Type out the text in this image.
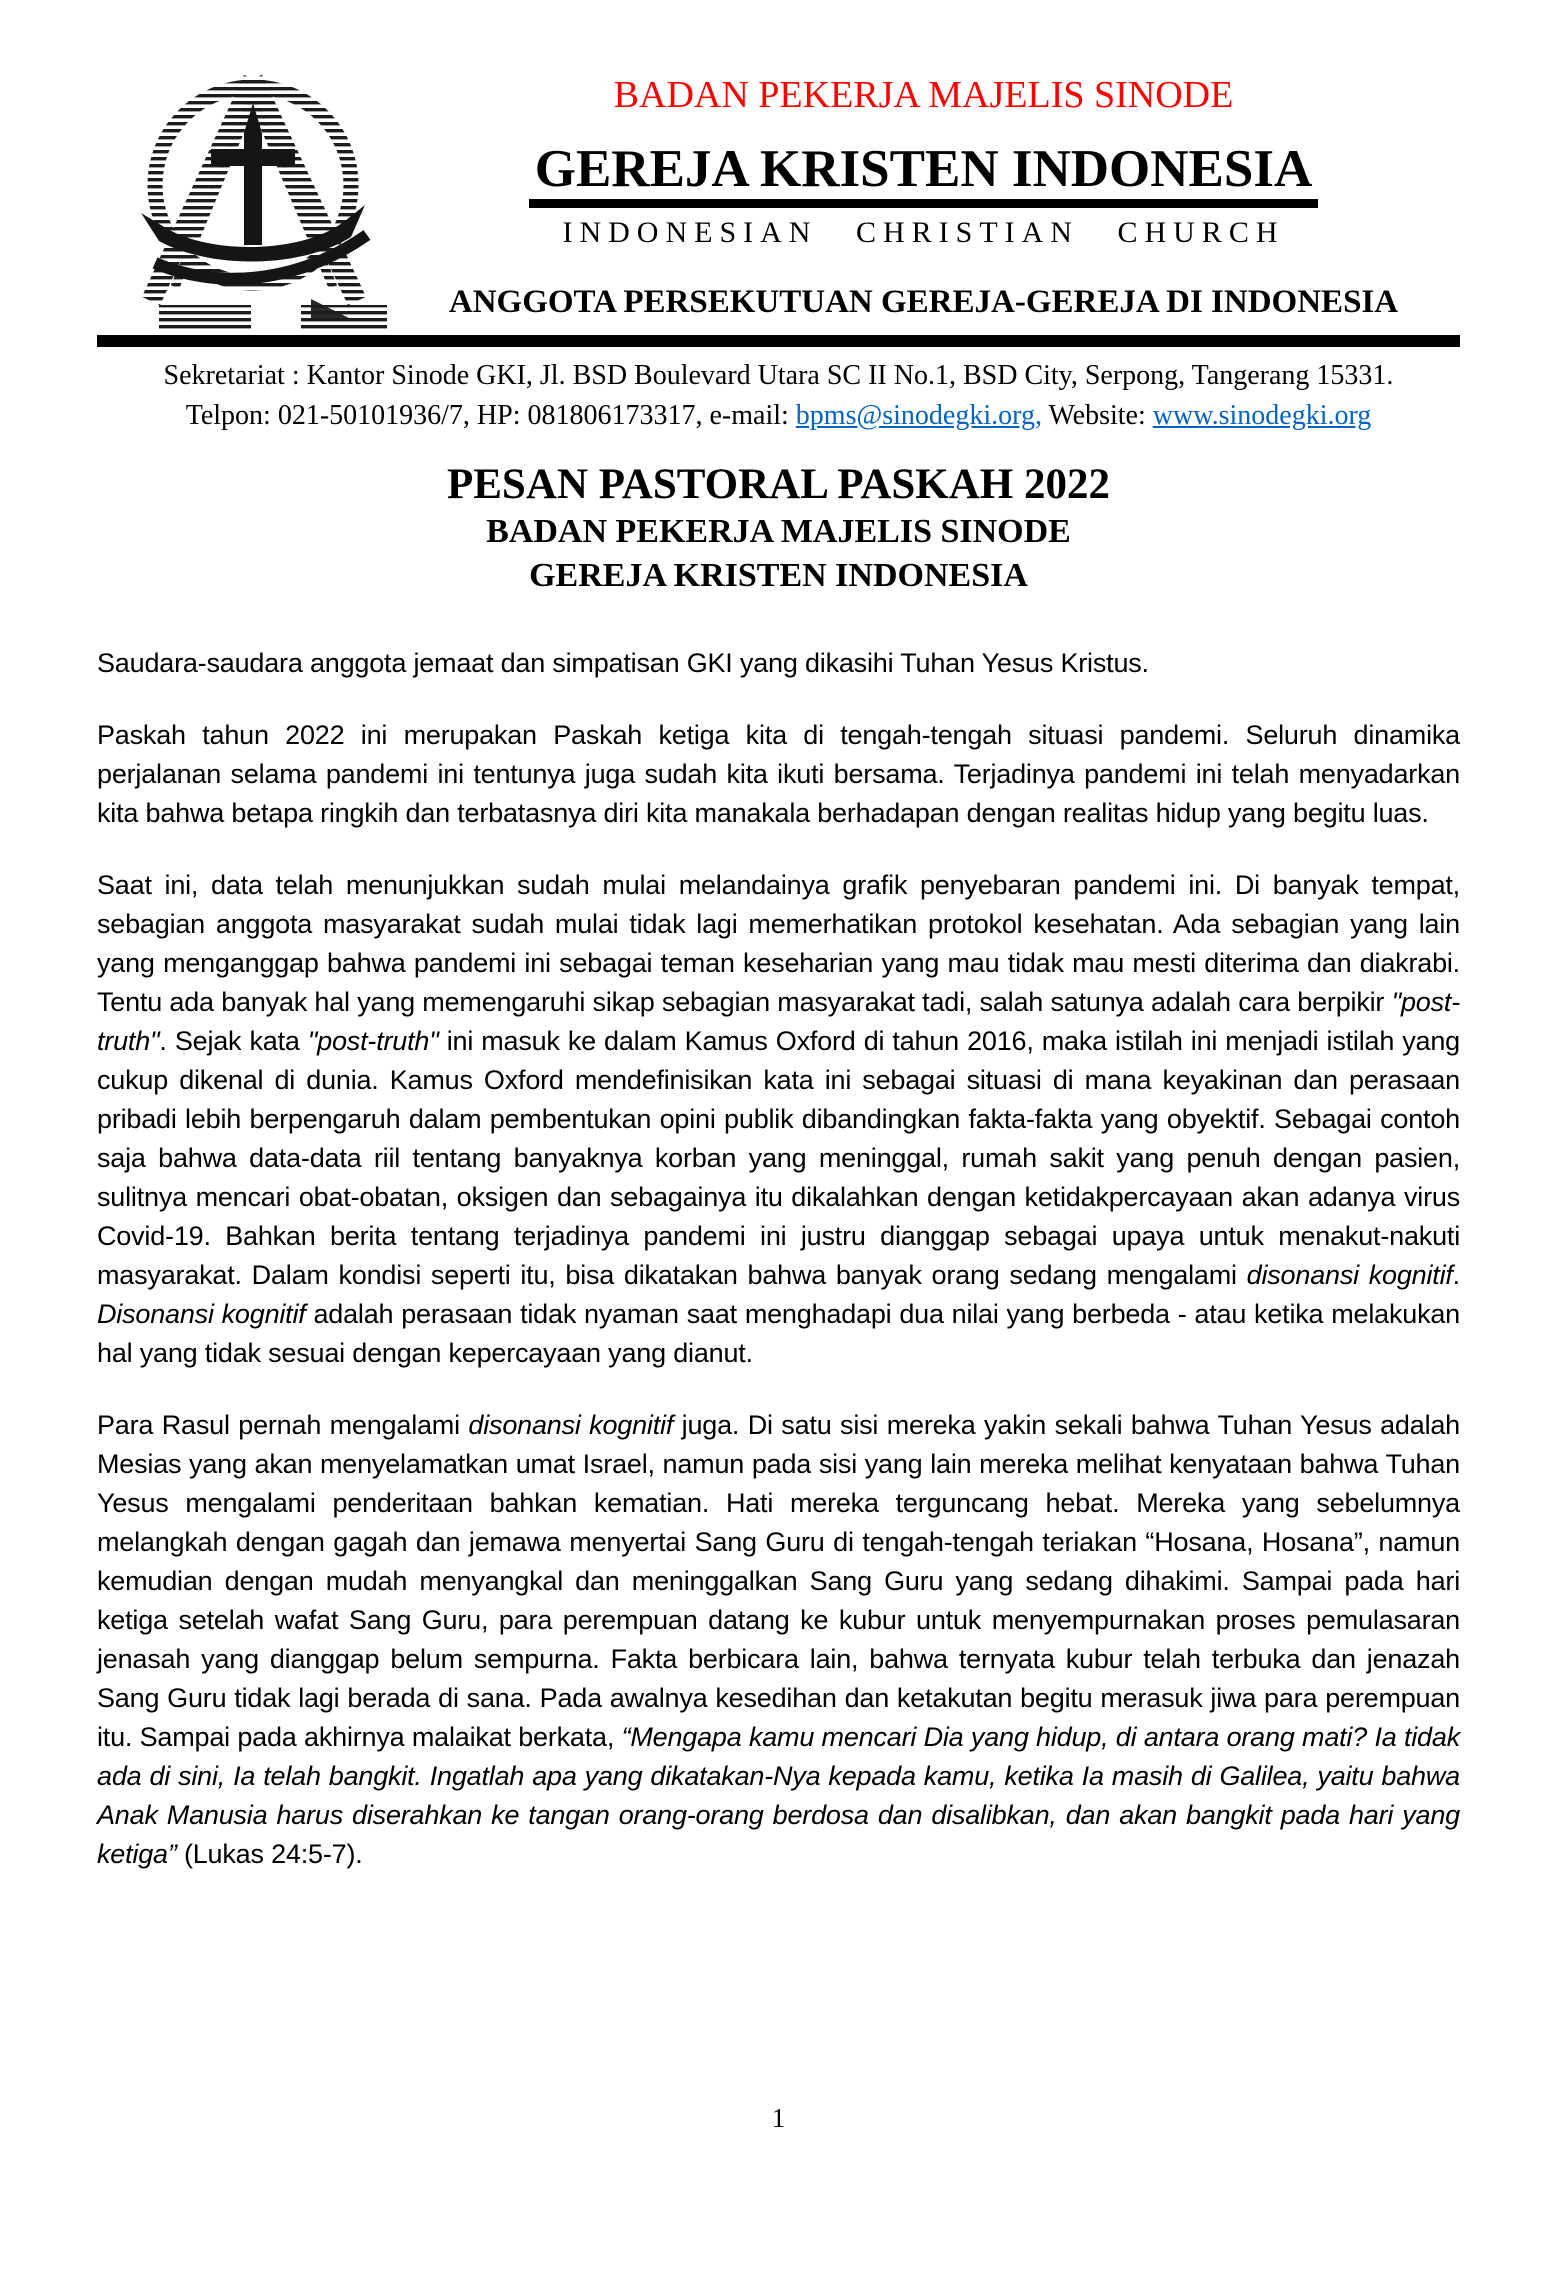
BADAN PEKERJA MAJELIS SINODE
GEREJA KRISTEN INDONESIA
INDONESIAN CHRISTIAN CHURCH
ANGGOTA PERSEKUTUAN GEREJA-GEREJA DI INDONESIA
Sekretariat : Kantor Sinode GKI, Jl. BSD Boulevard Utara SC II No.1, BSD City, Serpong, Tangerang 15331.
Telpon: 021-50101936/7, HP: 081806173317, e-mail: bpms@sinodegki.org, Website: www.sinodegki.org
PESAN PASTORAL PASKAH 2022
BADAN PEKERJA MAJELIS SINODE
GEREJA KRISTEN INDONESIA

Saudara-saudara anggota jemaat dan simpatisan GKI yang dikasihi Tuhan Yesus Kristus.

Paskah tahun 2022 ini merupakan Paskah ketiga kita di tengah-tengah situasi pandemi. Seluruh dinamika perjalanan selama pandemi ini tentunya juga sudah kita ikuti bersama. Terjadinya pandemi ini telah menyadarkan kita bahwa betapa ringkih dan terbatasnya diri kita manakala berhadapan dengan realitas hidup yang begitu luas.

Saat ini, data telah menunjukkan sudah mulai melandainya grafik penyebaran pandemi ini. Di banyak tempat, sebagian anggota masyarakat sudah mulai tidak lagi memerhatikan protokol kesehatan. Ada sebagian yang lain yang menganggap bahwa pandemi ini sebagai teman keseharian yang mau tidak mau mesti diterima dan diakrabi. Tentu ada banyak hal yang memengaruhi sikap sebagian masyarakat tadi, salah satunya adalah cara berpikir "post-truth". Sejak kata "post-truth" ini masuk ke dalam Kamus Oxford di tahun 2016, maka istilah ini menjadi istilah yang cukup dikenal di dunia. Kamus Oxford mendefinisikan kata ini sebagai situasi di mana keyakinan dan perasaan pribadi lebih berpengaruh dalam pembentukan opini publik dibandingkan fakta-fakta yang obyektif. Sebagai contoh saja bahwa data-data riil tentang banyaknya korban yang meninggal, rumah sakit yang penuh dengan pasien, sulitnya mencari obat-obatan, oksigen dan sebagainya itu dikalahkan dengan ketidakpercayaan akan adanya virus Covid-19. Bahkan berita tentang terjadinya pandemi ini justru dianggap sebagai upaya untuk menakut-nakuti masyarakat. Dalam kondisi seperti itu, bisa dikatakan bahwa banyak orang sedang mengalami disonansi kognitif. Disonansi kognitif adalah perasaan tidak nyaman saat menghadapi dua nilai yang berbeda - atau ketika melakukan hal yang tidak sesuai dengan kepercayaan yang dianut.

Para Rasul pernah mengalami disonansi kognitif juga. Di satu sisi mereka yakin sekali bahwa Tuhan Yesus adalah Mesias yang akan menyelamatkan umat Israel, namun pada sisi yang lain mereka melihat kenyataan bahwa Tuhan Yesus mengalami penderitaan bahkan kematian. Hati mereka terguncang hebat. Mereka yang sebelumnya melangkah dengan gagah dan jemawa menyertai Sang Guru di tengah-tengah teriakan “Hosana, Hosana”, namun kemudian dengan mudah menyangkal dan meninggalkan Sang Guru yang sedang dihakimi. Sampai pada hari ketiga setelah wafat Sang Guru, para perempuan datang ke kubur untuk menyempurnakan proses pemulasaran jenasah yang dianggap belum sempurna. Fakta berbicara lain, bahwa ternyata kubur telah terbuka dan jenazah Sang Guru tidak lagi berada di sana. Pada awalnya kesedihan dan ketakutan begitu merasuk jiwa para perempuan itu. Sampai pada akhirnya malaikat berkata, “Mengapa kamu mencari Dia yang hidup, di antara orang mati? Ia tidak ada di sini, Ia telah bangkit. Ingatlah apa yang dikatakan-Nya kepada kamu, ketika Ia masih di Galilea, yaitu bahwa Anak Manusia harus diserahkan ke tangan orang-orang berdosa dan disalibkan, dan akan bangkit pada hari yang ketiga” (Lukas 24:5-7).

1
